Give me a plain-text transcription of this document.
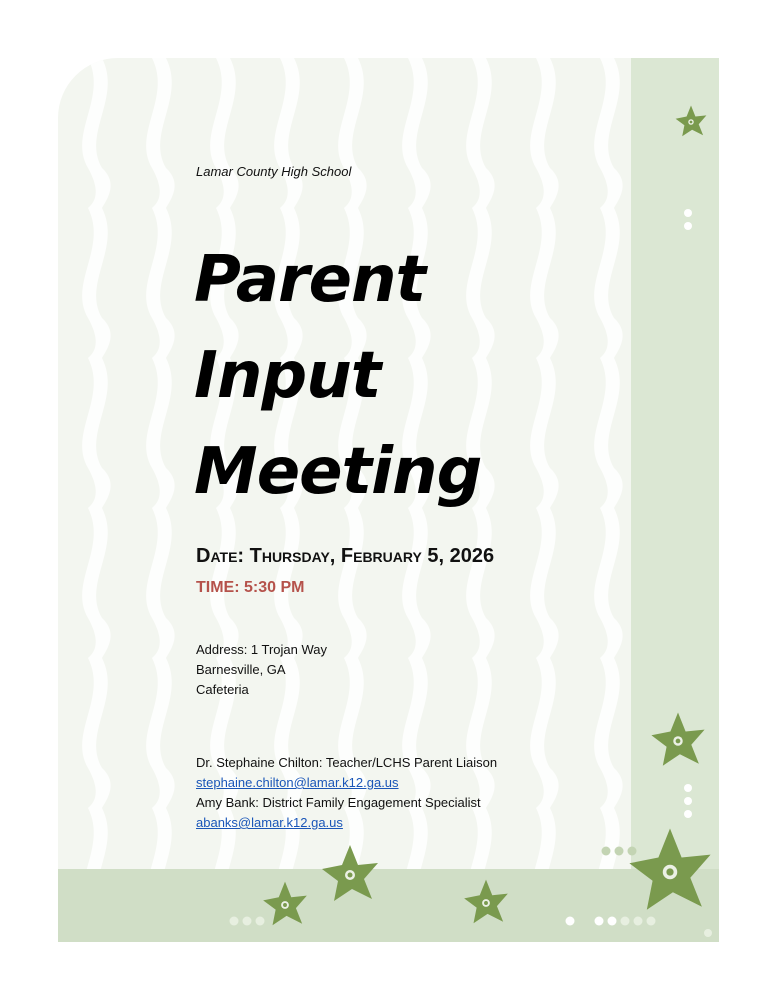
Lamar County High School
Parent
Input
Meeting
Date: Thursday, February 5, 2026
TIME: 5:30 PM
Address: 1 Trojan Way
Barnesville, GA
Cafeteria
Dr. Stephaine Chilton: Teacher/LCHS Parent Liaison
stephaine.chilton@lamar.k12.ga.us
Amy Bank: District Family Engagement Specialist
abanks@lamar.k12.ga.us
